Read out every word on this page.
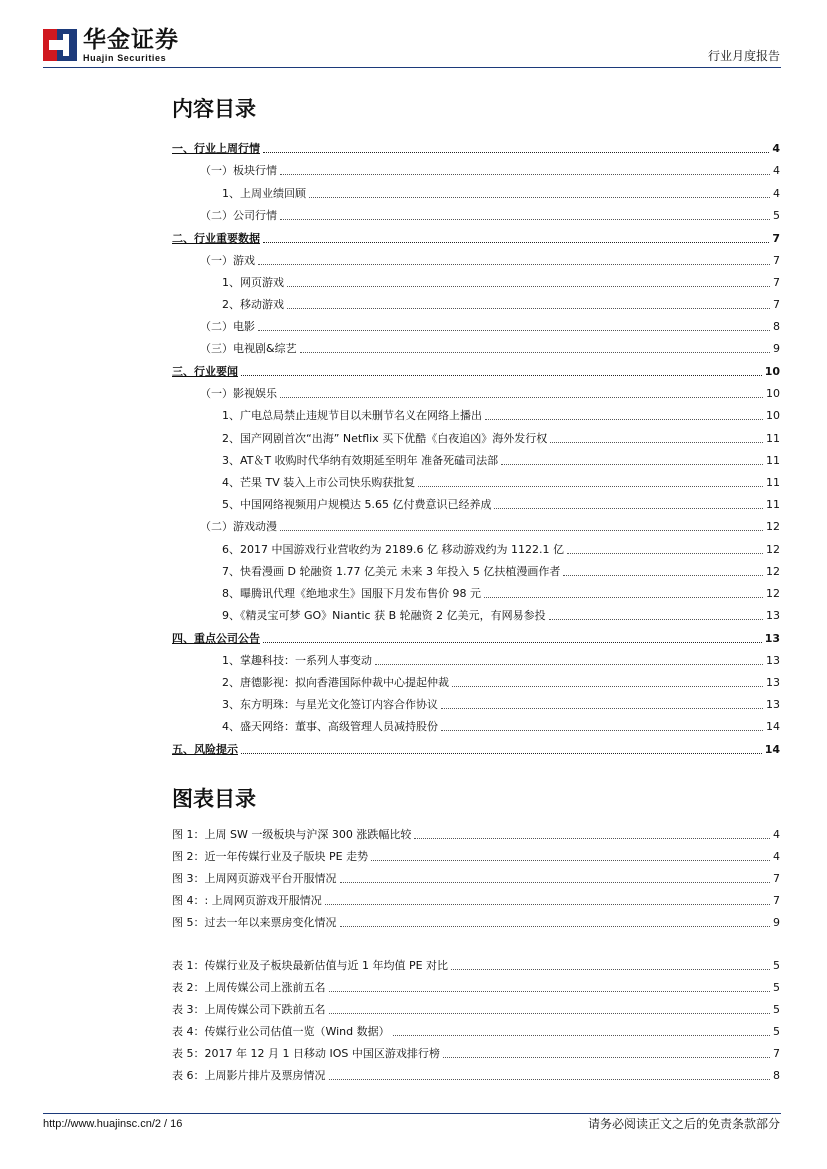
华金证券
Huajin Securities	行业月度报告
内容目录
一、行业上周行情	4
（一）板块行情	4
1、上周业绩回顾	4
（二）公司行情	5
二、行业重要数据	7
（一）游戏	7
1、网页游戏	7
2、移动游戏	7
（二）电影	8
（三）电视剧&综艺	9
三、行业要闻	10
（一）影视娱乐	10
1、广电总局禁止违规节目以未删节名义在网络上播出	10
2、国产网剧首次“出海” Netflix 买下优酷《白夜追凶》海外发行权	11
3、AT＆T 收购时代华纳有效期延至明年 准备死磕司法部	11
4、芒果 TV 装入上市公司快乐购获批复	11
5、中国网络视频用户规模达 5.65 亿付费意识已经养成	11
（二）游戏动漫	12
6、2017 中国游戏行业营收约为 2189.6 亿 移动游戏约为 1122.1 亿	12
7、快看漫画 D 轮融资 1.77 亿美元 未来 3 年投入 5 亿扶植漫画作者	12
8、曝腾讯代理《绝地求生》国服下月发布售价 98 元	12
9、《精灵宝可梦 GO》Niantic 获 B 轮融资 2 亿美元，有网易参投	13
四、重点公司公告	13
1、掌趣科技：一系列人事变动	13
2、唐德影视：拟向香港国际仲裁中心提起仲裁	13
3、东方明珠：与星光文化签订内容合作协议	13
4、盛天网络：董事、高级管理人员减持股份	14
五、风险提示	14
图表目录
图 1：上周 SW 一级板块与沪深 300 涨跌幅比较	4
图 2：近一年传媒行业及子版块 PE 走势	4
图 3：上周网页游戏平台开服情况	7
图 4：: 上周网页游戏开服情况	7
图 5：过去一年以来票房变化情况	9
表 1：传媒行业及子板块最新估值与近 1 年均值 PE 对比	5
表 2：上周传媒公司上涨前五名	5
表 3：上周传媒公司下跌前五名	5
表 4：传媒行业公司估值一览（Wind 数据）	5
表 5：2017 年 12 月 1 日移动 IOS 中国区游戏排行榜	7
表 6：上周影片排片及票房情况	8
http://www.huajinsc.cn/2 / 16	请务必阅读正文之后的免责条款部分
